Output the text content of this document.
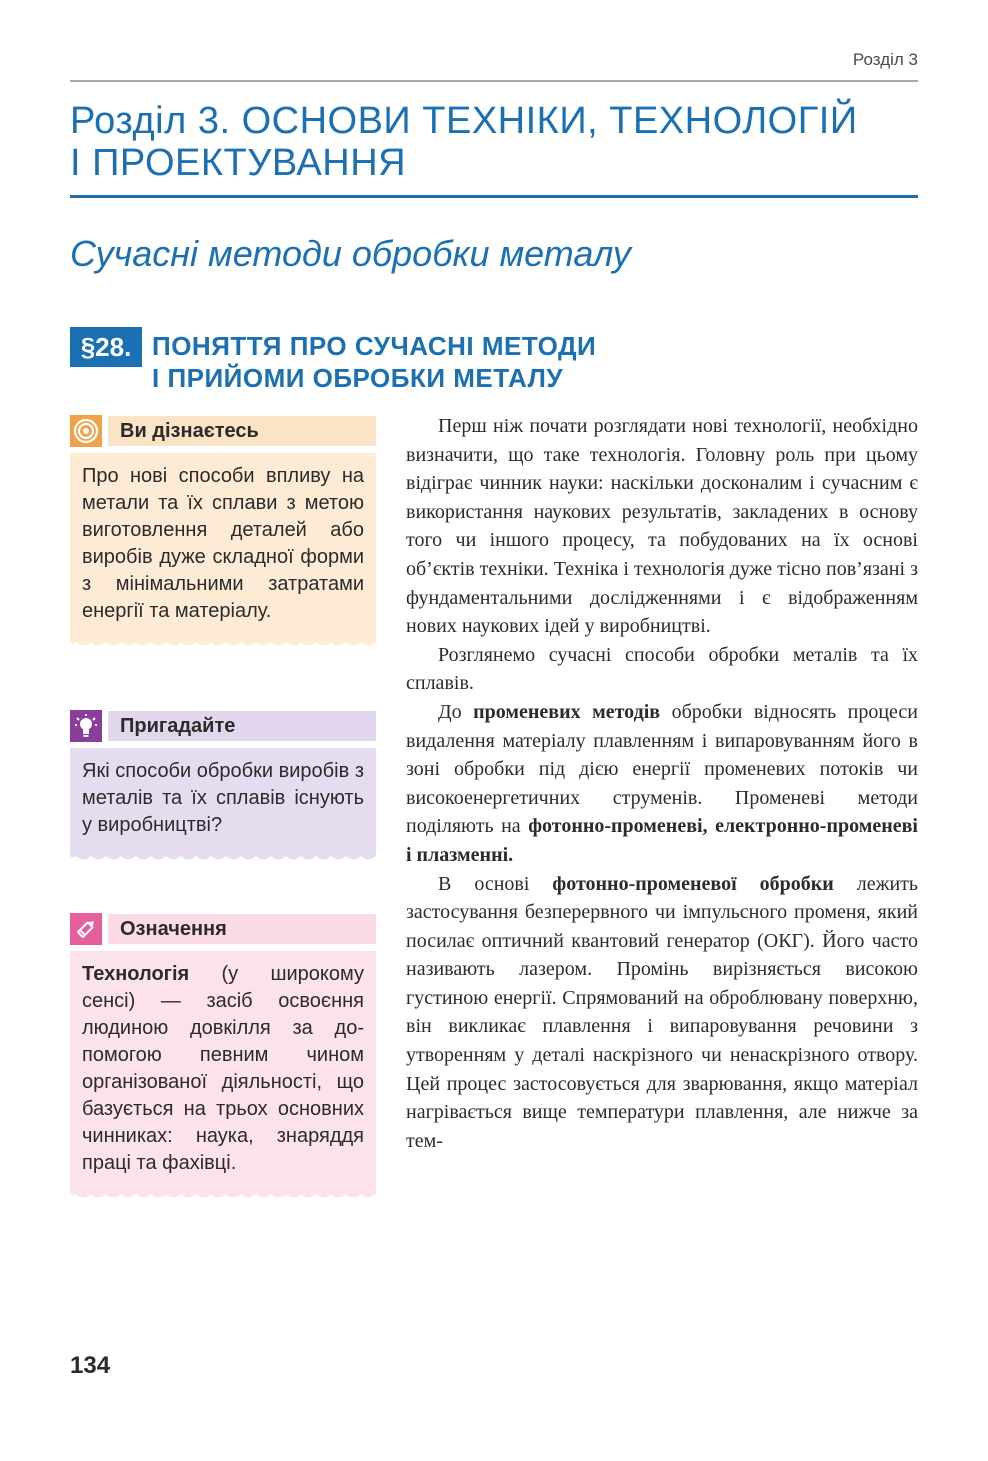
Розділ 3
Розділ 3. ОСНОВИ ТЕХНІКИ, ТЕХНОЛОГІЙ
І ПРОЕКТУВАННЯ
Сучасні методи обробки металу
§28. ПОНЯТТЯ ПРО СУЧАСНІ МЕТОДИ
І ПРИЙОМИ ОБРОБКИ МЕТАЛУ
Ви дізнаєтесь
Про нові способи впливу на метали та їх сплави з метою виготовлення деталей або виробів дуже складної форми з мінімальними затратами енергії та матеріалу.
Пригадайте
Які способи обробки виробів з металів та їх сплавів існують у виробництві?
Означення
Технологія (у широкому сенсі) — засіб освоєння людиною довкілля за допомогою певним чином організованої діяльності, що базується на трьох основних чинниках: наука, знаряддя праці та фахівці.

Перш ніж почати розглядати нові технології, необхідно визначити, що таке технологія. Головну роль при цьому відіграє чинник науки: наскільки досконалим і сучасним є використання наукових результатів, закладених в основу того чи іншого процесу, та побудованих на їх основі об’єктів техніки. Техніка і технологія дуже тісно пов’язані з фундаментальними дослідженнями і є відображенням нових наукових ідей у виробництві.

Розглянемо сучасні способи обробки металів та їх сплавів.

До променевих методів обробки відносять процеси видалення матеріалу плавленням і випаровуванням його в зоні обробки під дією енергії променевих потоків чи високоенергетичних струменів. Променеві методи поділяють на фотонно-променеві, електронно-променеві і плазменні.

В основі фотонно-променевої обробки лежить застосування безперервного чи імпульсного променя, який посилає оптичний квантовий генератор (ОКГ). Його часто називають лазером. Промінь вирізняється високою густиною енергії. Спрямований на оброблювану поверхню, він викликає плавлення і випаровування речовини з утворенням у деталі наскрізного чи ненаскрізного отвору. Цей процес застосовується для зварювання, якщо матеріал нагрівається вище температури плавлення, але нижче за тем-

134
